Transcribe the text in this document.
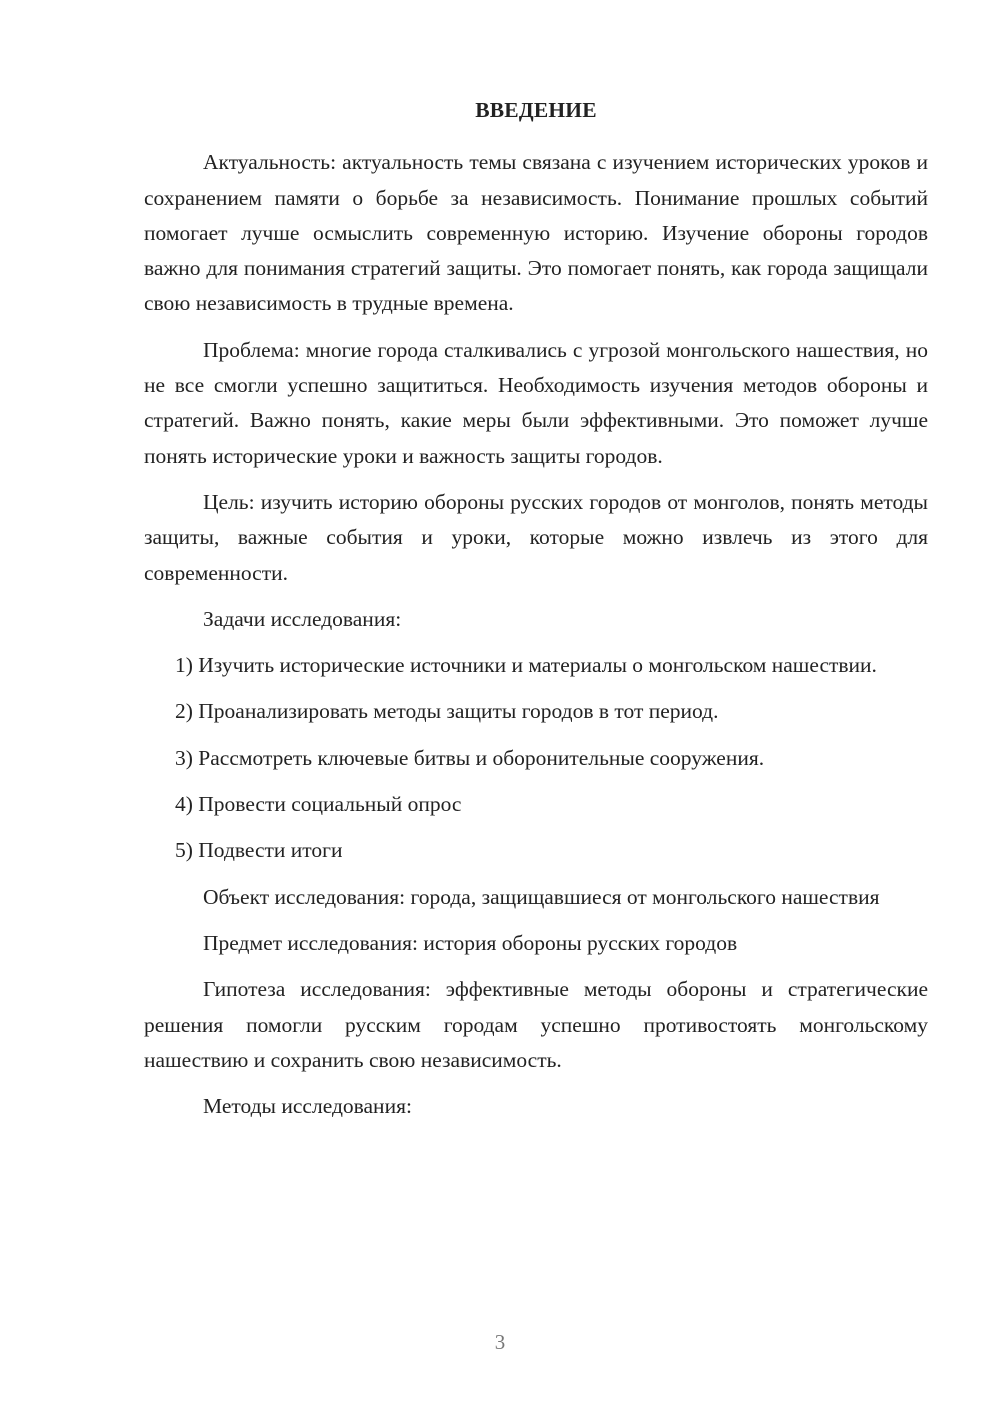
ВВЕДЕНИЕ

Актуальность: актуальность темы связана с изучением исторических уроков и сохранением памяти о борьбе за независимость. Понимание прошлых событий помогает лучше осмыслить современную историю. Изучение обороны городов важно для понимания стратегий защиты. Это помогает понять, как города защищали свою независимость в трудные времена.

Проблема: многие города сталкивались с угрозой монгольского нашествия, но не все смогли успешно защититься. Необходимость изучения методов обороны и стратегий. Важно понять, какие меры были эффективными. Это поможет лучше понять исторические уроки и важность защиты городов.

Цель: изучить историю обороны русских городов от монголов, понять методы защиты, важные события и уроки, которые можно извлечь из этого для современности.

Задачи исследования:

1) Изучить исторические источники и материалы о монгольском нашествии.

2) Проанализировать методы защиты городов в тот период.

3) Рассмотреть ключевые битвы и оборонительные сооружения.

4) Провести социальный опрос

5) Подвести итоги

Объект исследования: города, защищавшиеся от монгольского нашествия

Предмет исследования: история обороны русских городов

Гипотеза исследования: эффективные методы обороны и стратегические решения помогли русским городам успешно противостоять монгольскому нашествию и сохранить свою независимость.

Методы исследования:

3
